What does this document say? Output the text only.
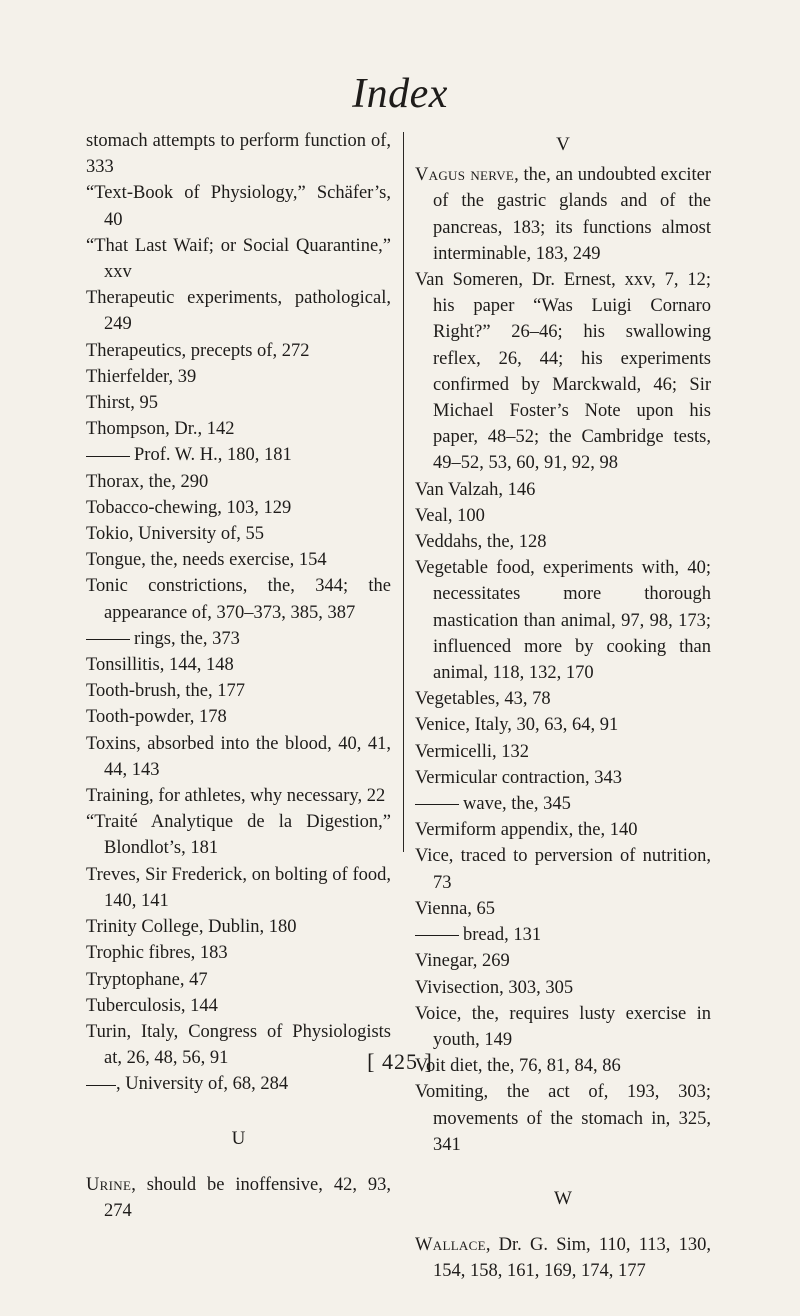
Index

stomach attempts to perform function of, 333

“Text-Book of Physiology,” Schäfer’s, 40

“That Last Waif; or Social Quarantine,” xxv

Therapeutic experiments, pathological, 249

Therapeutics, precepts of, 272

Thierfelder, 39

Thirst, 95

Thompson, Dr., 142

Prof. W. H., 180, 181

Thorax, the, 290

Tobacco-chewing, 103, 129

Tokio, University of, 55

Tongue, the, needs exercise, 154

Tonic constrictions, the, 344; the appearance of, 370–373, 385, 387

rings, the, 373

Tonsillitis, 144, 148

Tooth-brush, the, 177

Tooth-powder, 178

Toxins, absorbed into the blood, 40, 41, 44, 143

Training, for athletes, why necessary, 22

“Traité Analytique de la Digestion,” Blondlot’s, 181

Treves, Sir Frederick, on bolting of food, 140, 141

Trinity College, Dublin, 180

Trophic fibres, 183

Tryptophane, 47

Tuberculosis, 144

Turin, Italy, Congress of Physiologists at, 26, 48, 56, 91

, University of, 68, 284

U

Urine, should be inoffensive, 42, 93, 274

V

Vagus nerve, the, an undoubted exciter of the gastric glands and of the pancreas, 183; its functions almost interminable, 183, 249

Van Someren, Dr. Ernest, xxv, 7, 12; his paper “Was Luigi Cornaro Right?” 26–46; his swallowing reflex, 26, 44; his experiments confirmed by Marckwald, 46; Sir Michael Foster’s Note upon his paper, 48–52; the Cambridge tests, 49–52, 53, 60, 91, 92, 98

Van Valzah, 146

Veal, 100

Veddahs, the, 128

Vegetable food, experiments with, 40; necessitates more thorough mastication than animal, 97, 98, 173; influenced more by cooking than animal, 118, 132, 170

Vegetables, 43, 78

Venice, Italy, 30, 63, 64, 91

Vermicelli, 132

Vermicular contraction, 343

wave, the, 345

Vermiform appendix, the, 140

Vice, traced to perversion of nutrition, 73

Vienna, 65

bread, 131

Vinegar, 269

Vivisection, 303, 305

Voice, the, requires lusty exercise in youth, 149

Voit diet, the, 76, 81, 84, 86

Vomiting, the act of, 193, 303; movements of the stomach in, 325, 341

W

Wallace, Dr. G. Sim, 110, 113, 130, 154, 158, 161, 169, 174, 177

[ 425 ]
